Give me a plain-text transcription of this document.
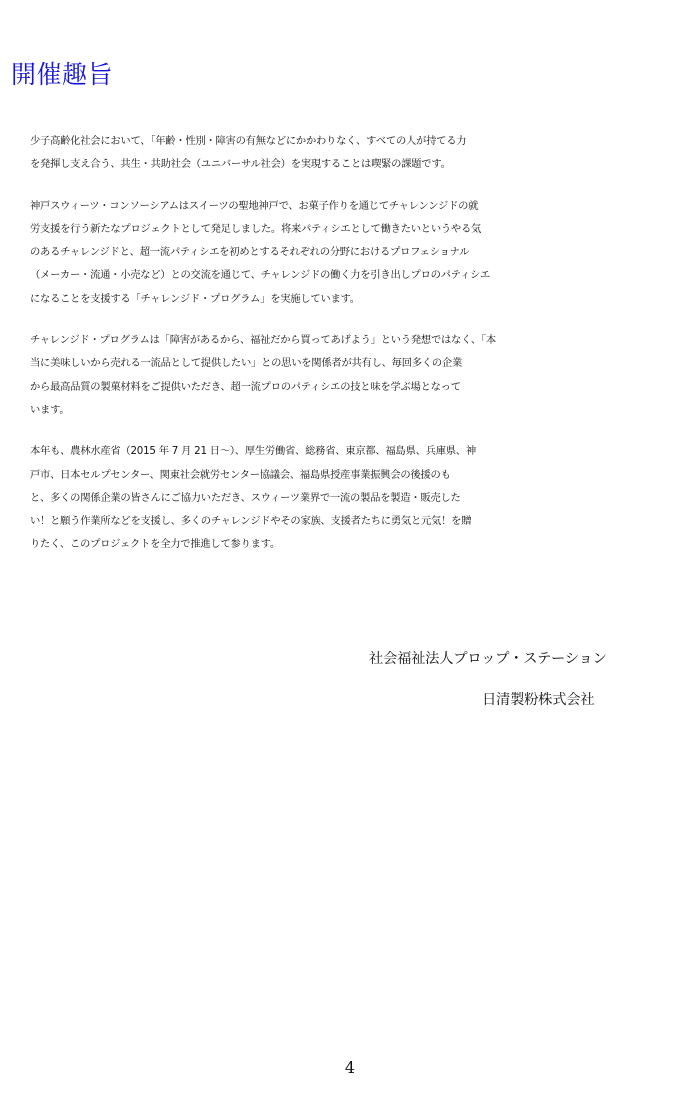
開催趣旨

少子高齢化社会において、「年齢・性別・障害の有無などにかかわりなく、すべての人が持てる力
を発揮し支え合う、共生・共助社会（ユニバーサル社会）を実現することは喫緊の課題です。

神戸スウィーツ・コンソーシアムはスイーツの聖地神戸で、お菓子作りを通じてチャレンンジドの就
労支援を行う新たなプロジェクトとして発足しました。将来パティシエとして働きたいというやる気
のあるチャレンジドと、超一流パティシエを初めとするそれぞれの分野におけるプロフェショナル
（メーカー・流通・小売など）との交流を通じて、チャレンジドの働く力を引き出しプロのパティシエ
になることを支援する「チャレンジド・プログラム」を実施しています。

チャレンジド・プログラムは「障害があるから、福祉だから買ってあげよう」という発想ではなく、「本
当に美味しいから売れる一流品として提供したい」との思いを関係者が共有し、毎回多くの企業
から最高品質の製菓材料をご提供いただき、超一流プロのパティシエの技と味を学ぶ場となって
います。

本年も、農林水産省（2015 年 7 月 21 日～）、厚生労働省、総務省、東京都、福島県、兵庫県、神
戸市、日本セルプセンター、関東社会就労センター協議会、福島県授産事業振興会の後援のも
と、多くの関係企業の皆さんにご協力いただき、スウィーツ業界で一流の製品を製造・販売した
い！と願う作業所などを支援し、多くのチャレンジドやその家族、支援者たちに勇気と元気！を贈
りたく、このプロジェクトを全力で推進して参ります。

社会福祉法人プロップ・ステーション
日清製粉株式会社
4
